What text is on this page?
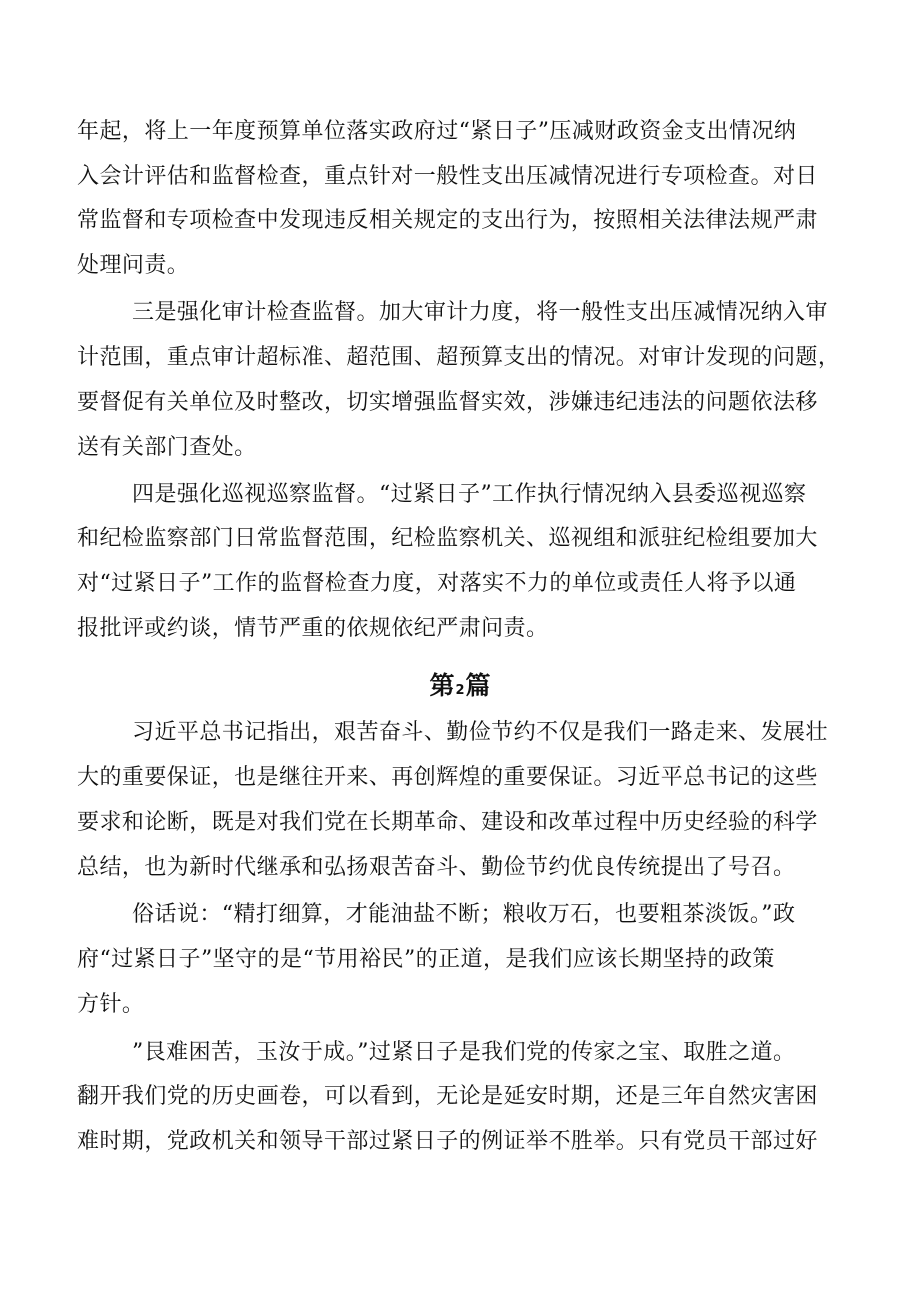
年起，将上一年度预算单位落实政府过“紧日子”压减财政资金支出情况纳
入会计评估和监督检查，重点针对一般性支出压减情况进行专项检查。对日
常监督和专项检查中发现违反相关规定的支出行为，按照相关法律法规严肃
处理问责。
三是强化审计检查监督。加大审计力度，将一般性支出压减情况纳入审
计范围，重点审计超标准、超范围、超预算支出的情况。对审计发现的问题，
要督促有关单位及时整改，切实增强监督实效，涉嫌违纪违法的问题依法移
送有关部门查处。
四是强化巡视巡察监督。“过紧日子”工作执行情况纳入县委巡视巡察
和纪检监察部门日常监督范围，纪检监察机关、巡视组和派驻纪检组要加大
对“过紧日子”工作的监督检查力度，对落实不力的单位或责任人将予以通
报批评或约谈，情节严重的依规依纪严肃问责。
第2篇
习近平总书记指出，艰苦奋斗、勤俭节约不仅是我们一路走来、发展壮
大的重要保证，也是继往开来、再创辉煌的重要保证。习近平总书记的这些
要求和论断，既是对我们党在长期革命、建设和改革过程中历史经验的科学
总结，也为新时代继承和弘扬艰苦奋斗、勤俭节约优良传统提出了号召。
俗话说：“精打细算，才能油盐不断；粮收万石，也要粗茶淡饭。”政
府“过紧日子”坚守的是“节用裕民”的正道，是我们应该长期坚持的政策
方针。
”艮难困苦，玉汝于成。”过紧日子是我们党的传家之宝、取胜之道。
翻开我们党的历史画卷，可以看到，无论是延安时期，还是三年自然灾害困
难时期，党政机关和领导干部过紧日子的例证举不胜举。只有党员干部过好
